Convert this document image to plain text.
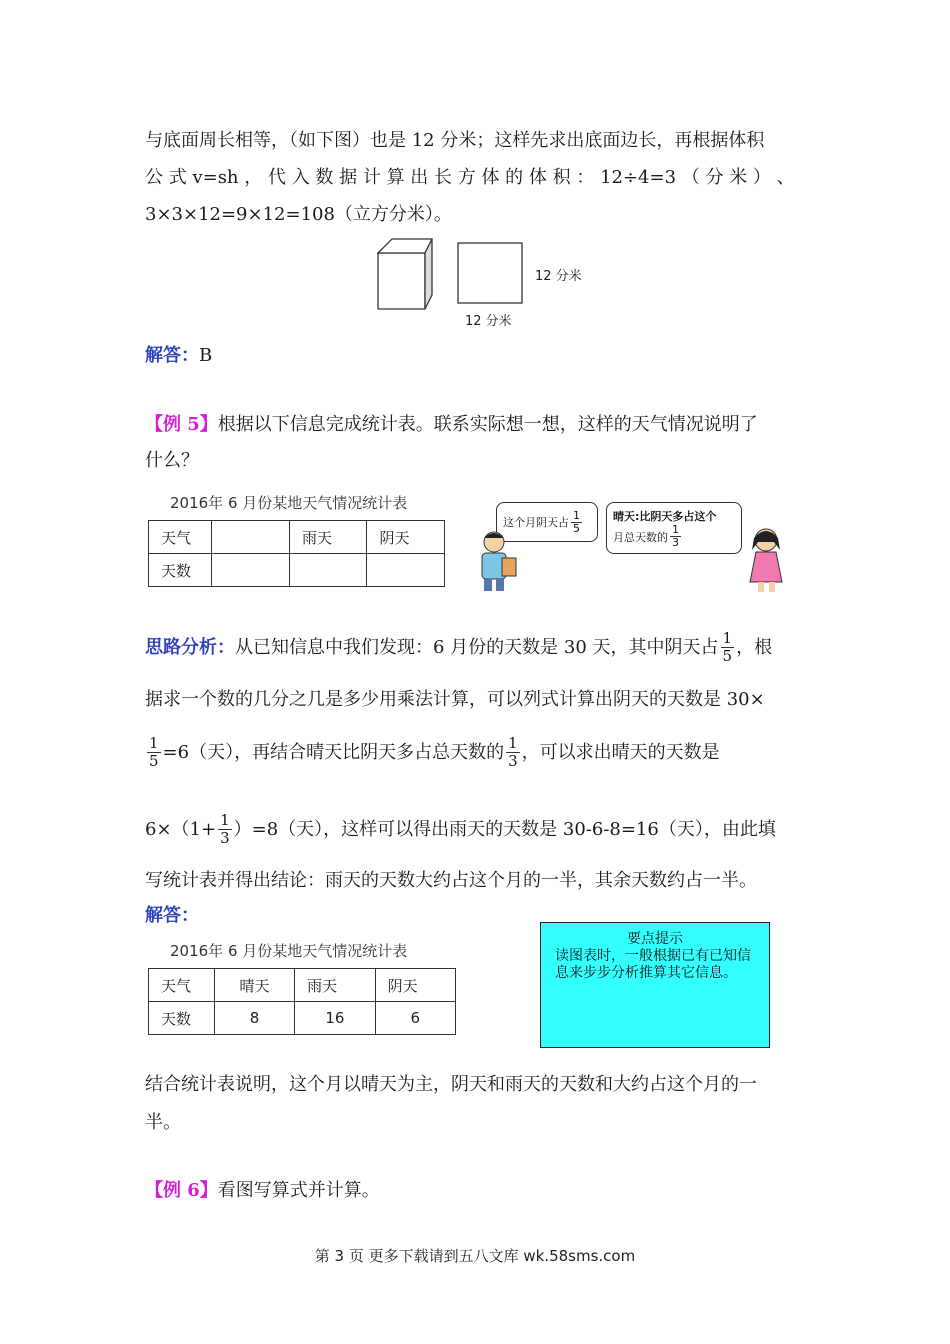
与底面周长相等，（如下图）也是 12 分米；这样先求出底面边长，再根据体积
公 式 v=sh ， 代 入 数 据 计 算 出 长 方 体 的 体 积 ： 12÷4=3 （ 分 米 ） 、
3×3×12=9×12=108（立方分米）。
12 分米
12 分米
解答：B
【例 5】根据以下信息完成统计表。联系实际想一想，这样的天气情况说明了
什么？
2016年 6 月份某地天气情况统计表
天气		雨天	阴天
天数			
这个月阴天占 $\frac{1}{5}$	晴天:比阴天多占这个
月总天数的 $\frac{1}{3}$
思路分析： 从已知信息中我们发现：6 月份的天数是 30 天，其中阴天占 $\frac{1}{5}$ ，根
据求一个数的几分之几是多少用乘法计算，可以列式计算出阴天的天数是 30×
$\frac{1}{5} =6$（天），再结合晴天比阴天多占总天数的 $\frac{1}{3}$ ，可以求出晴天的天数是
$6\times(1+ \frac{1}{3} )=8$（天），这样可以得出雨天的天数是 30-6-8=16（天），由此填
写统计表并得出结论：雨天的天数大约占这个月的一半，其余天数约占一半。
解答：
2016年 6 月份某地天气情况统计表
天气	晴天	雨天	阴天
天数	8	16	6
要点提示
读图表时，一般根据已有已知信息来步步分析推算其它信息。
结合统计表说明，这个月以晴天为主，阴天和雨天的天数和大约占这个月的一
半。
【例 6】看图写算式并计算。
第 3 页 更多下载请到五八文库 wk.58sms.com
